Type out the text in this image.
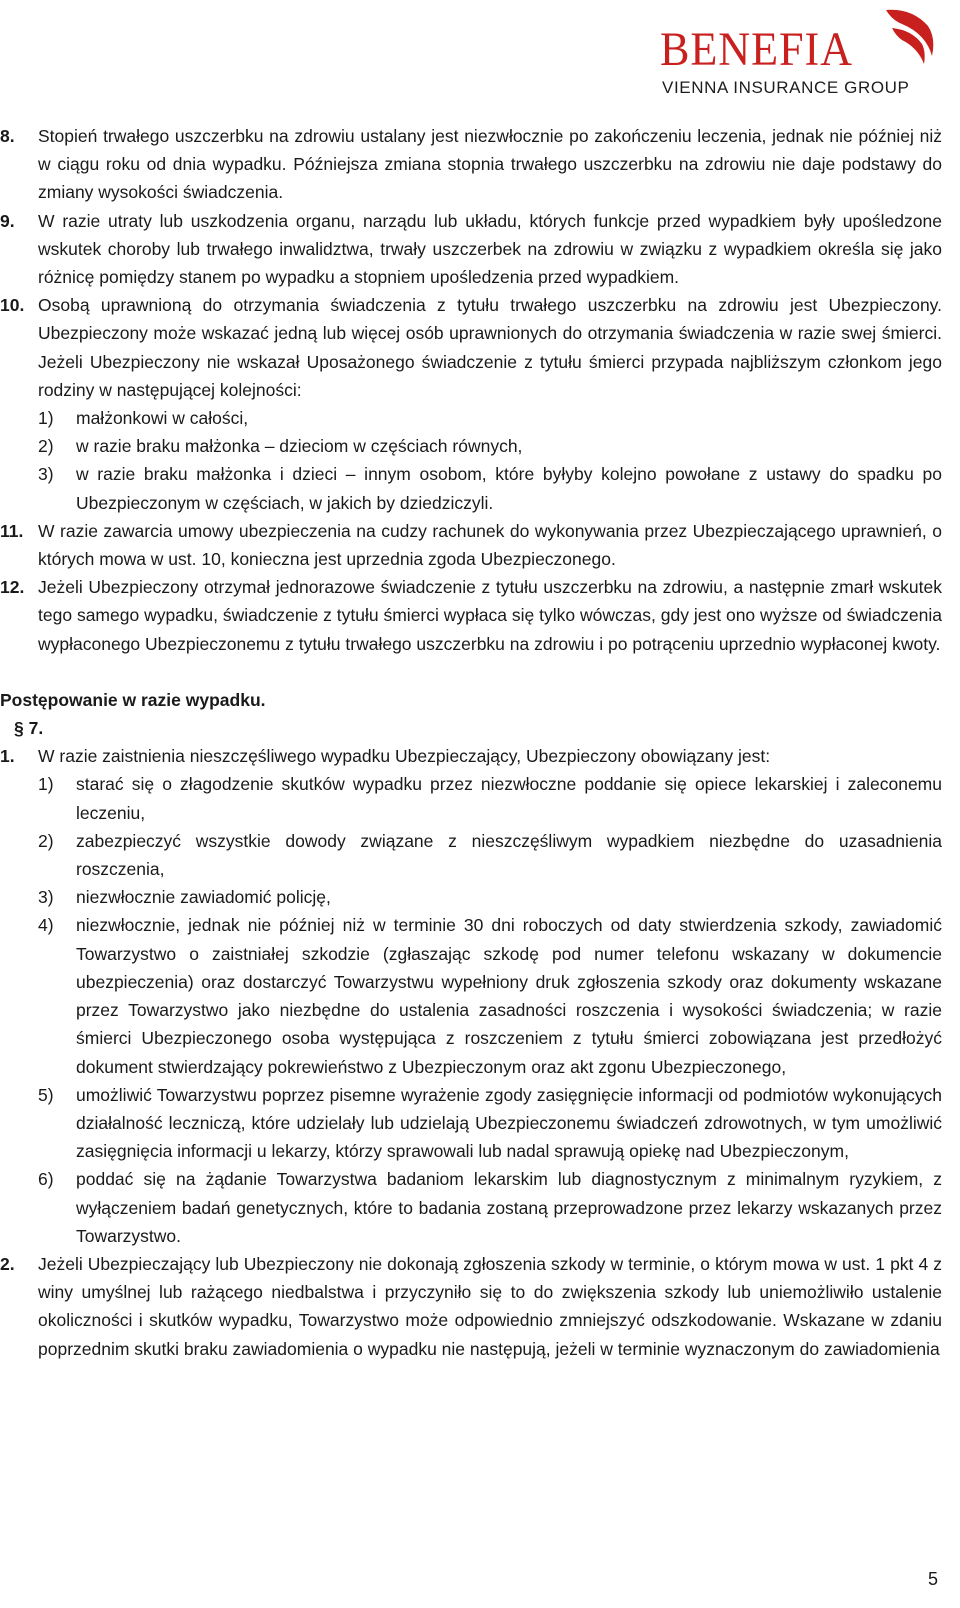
BENEFIA
VIENNA INSURANCE GROUP
8. Stopień trwałego uszczerbku na zdrowiu ustalany jest niezwłocznie po zakończeniu leczenia, jednak nie później niż w ciągu roku od dnia wypadku. Późniejsza zmiana stopnia trwałego uszczerbku na zdrowiu nie daje podstawy do zmiany wysokości świadczenia.
9. W razie utraty lub uszkodzenia organu, narządu lub układu, których funkcje przed wypadkiem były upośledzone wskutek choroby lub trwałego inwalidztwa, trwały uszczerbek na zdrowiu w związku z wypadkiem określa się jako różnicę pomiędzy stanem po wypadku a stopniem upośledzenia przed wypadkiem.
10. Osobą uprawnioną do otrzymania świadczenia z tytułu trwałego uszczerbku na zdrowiu jest Ubezpieczony. Ubezpieczony może wskazać jedną lub więcej osób uprawnionych do otrzymania świadczenia w razie swej śmierci. Jeżeli Ubezpieczony nie wskazał Uposażonego świadczenie z tytułu śmierci przypada najbliższym członkom jego rodziny w następującej kolejności:
1) małżonkowi w całości,
2) w razie braku małżonka – dzieciom w częściach równych,
3) w razie braku małżonka i dzieci – innym osobom, które byłyby kolejno powołane z ustawy do spadku po Ubezpieczonym w częściach, w jakich by dziedziczyli.
11. W razie zawarcia umowy ubezpieczenia na cudzy rachunek do wykonywania przez Ubezpieczającego uprawnień, o których mowa w ust. 10, konieczna jest uprzednia zgoda Ubezpieczonego.
12. Jeżeli Ubezpieczony otrzymał jednorazowe świadczenie z tytułu uszczerbku na zdrowiu, a następnie zmarł wskutek tego samego wypadku, świadczenie z tytułu śmierci wypłaca się tylko wówczas, gdy jest ono wyższe od świadczenia wypłaconego Ubezpieczonemu z tytułu trwałego uszczerbku na zdrowiu i po potrąceniu uprzednio wypłaconej kwoty.
Postępowanie w razie wypadku.
§ 7.
1. W razie zaistnienia nieszczęśliwego wypadku Ubezpieczający, Ubezpieczony obowiązany jest:
1) starać się o złagodzenie skutków wypadku przez niezwłoczne poddanie się opiece lekarskiej i zaleconemu leczeniu,
2) zabezpieczyć wszystkie dowody związane z nieszczęśliwym wypadkiem niezbędne do uzasadnienia roszczenia,
3) niezwłocznie zawiadomić policję,
4) niezwłocznie, jednak nie później niż w terminie 30 dni roboczych od daty stwierdzenia szkody, zawiadomić Towarzystwo o zaistniałej szkodzie (zgłaszając szkodę pod numer telefonu wskazany w dokumencie ubezpieczenia) oraz dostarczyć Towarzystwu wypełniony druk zgłoszenia szkody oraz dokumenty wskazane przez Towarzystwo jako niezbędne do ustalenia zasadności roszczenia i wysokości świadczenia; w razie śmierci Ubezpieczonego osoba występująca z roszczeniem z tytułu śmierci zobowiązana jest przedłożyć dokument stwierdzający pokrewieństwo z Ubezpieczonym oraz akt zgonu Ubezpieczonego,
5) umożliwić Towarzystwu poprzez pisemne wyrażenie zgody zasięgnięcie informacji od podmiotów wykonujących działalność leczniczą, które udzielały lub udzielają Ubezpieczonemu świadczeń zdrowotnych, w tym umożliwić zasięgnięcia informacji u lekarzy, którzy sprawowali lub nadal sprawują opiekę nad Ubezpieczonym,
6) poddać się na żądanie Towarzystwa badaniom lekarskim lub diagnostycznym z minimalnym ryzykiem, z wyłączeniem badań genetycznych, które to badania zostaną przeprowadzone przez lekarzy wskazanych przez Towarzystwo.
2. Jeżeli Ubezpieczający lub Ubezpieczony nie dokonają zgłoszenia szkody w terminie, o którym mowa w ust. 1 pkt 4 z winy umyślnej lub rażącego niedbalstwa i przyczyniło się to do zwiększenia szkody lub uniemożliwiło ustalenie okoliczności i skutków wypadku, Towarzystwo może odpowiednio zmniejszyć odszkodowanie. Wskazane w zdaniu poprzednim skutki braku zawiadomienia o wypadku nie następują, jeżeli w terminie wyznaczonym do zawiadomienia
5
